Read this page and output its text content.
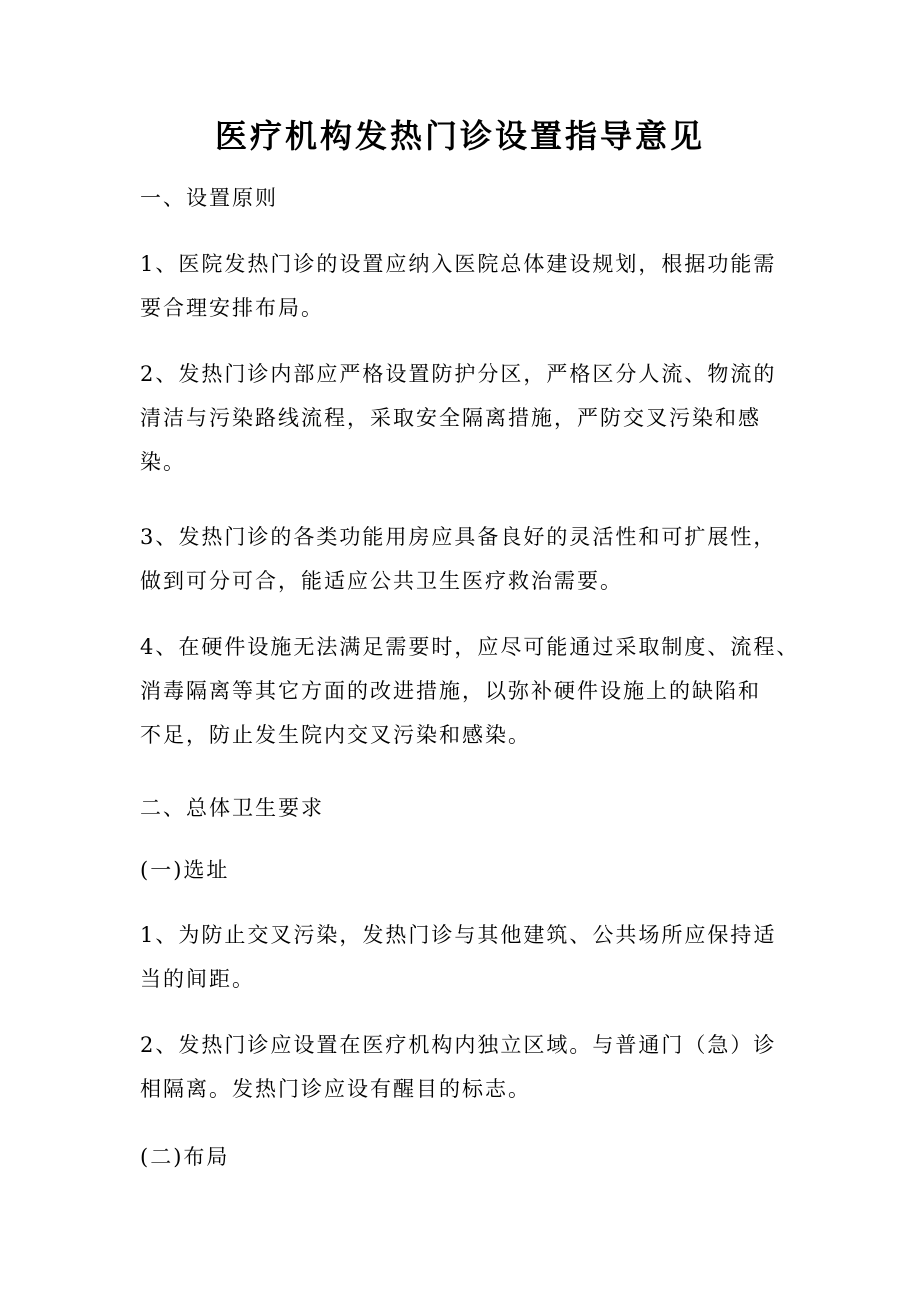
医疗机构发热门诊设置指导意见

一、设置原则

1、医院发热门诊的设置应纳入医院总体建设规划，根据功能需
要合理安排布局。

2、发热门诊内部应严格设置防护分区，严格区分人流、物流的
清洁与污染路线流程，采取安全隔离措施，严防交叉污染和感
染。

3、发热门诊的各类功能用房应具备良好的灵活性和可扩展性，
做到可分可合，能适应公共卫生医疗救治需要。

4、在硬件设施无法满足需要时，应尽可能通过采取制度、流程、
消毒隔离等其它方面的改进措施，以弥补硬件设施上的缺陷和
不足，防止发生院内交叉污染和感染。

二、总体卫生要求

(一)选址

1、为防止交叉污染，发热门诊与其他建筑、公共场所应保持适
当的间距。

2、发热门诊应设置在医疗机构内独立区域。与普通门（急）诊
相隔离。发热门诊应设有醒目的标志。

(二)布局
